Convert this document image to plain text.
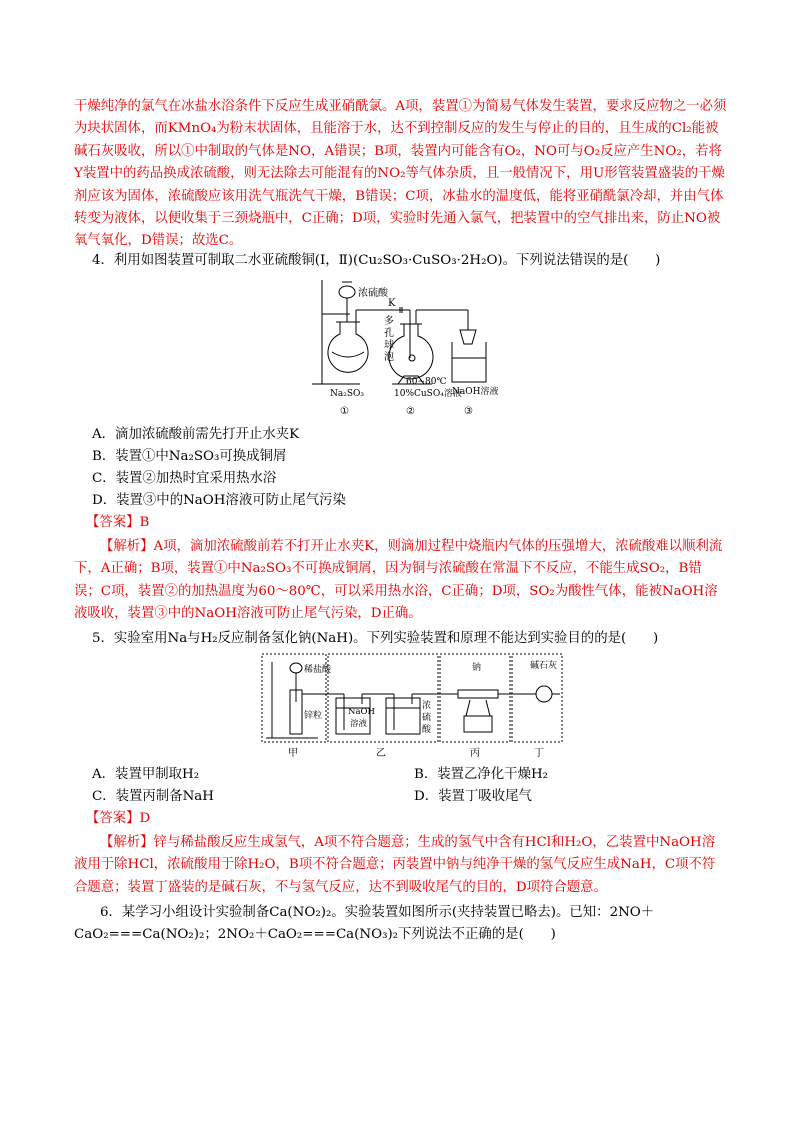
干燥纯净的氯气在冰盐水浴条件下反应生成亚硝酰氯。A项，装置①为简易气体发生装置，要求反应物之一必须为块状固体，而KMnO₄为粉末状固体，且能溶于水，达不到控制反应的发生与停止的目的，且生成的Cl₂能被碱石灰吸收，所以①中制取的气体是NO，A错误；B项，装置内可能含有O₂，NO可与O₂反应产生NO₂，若将Y装置中的药品换成浓硫酸，则无法除去可能混有的NO₂等气体杂质，且一般情况下，用U形管装置盛装的干燥剂应该为固体，浓硫酸应该用洗气瓶洗气干燥，B错误；C项，冰盐水的温度低，能将亚硝酰氯冷却，并由气体转变为液体，以便收集于三颈烧瓶中，C正确；D项，实验时先通入氯气，把装置中的空气排出来，防止NO被氧气氧化，D错误；故选C。

4．利用如图装置可制取二水亚硫酸铜(Ⅰ，Ⅱ)(Cu₂SO₃·CuSO₃·2H₂O)。下列说法错误的是(　　)
浓硫酸
K
多
孔
球
泡
Na₂SO₃
60~80℃
10%CuSO₄溶液
NaOH溶液
①	②	③
A．滴加浓硫酸前需先打开止水夹K
B．装置①中Na₂SO₃可换成铜屑
C．装置②加热时宜采用热水浴
D．装置③中的NaOH溶液可防止尾气污染
【答案】B

【解析】A项，滴加浓硫酸前若不打开止水夹K，则滴加过程中烧瓶内气体的压强增大，浓硫酸难以顺利流下，A正确；B项，装置①中Na₂SO₃不可换成铜屑，因为铜与浓硫酸在常温下不反应，不能生成SO₂，B错误；C项，装置②的加热温度为60～80℃，可以采用热水浴，C正确；D项，SO₂为酸性气体，能被NaOH溶液吸收，装置③中的NaOH溶液可防止尾气污染，D正确。

5．实验室用Na与H₂反应制备氢化钠(NaH)。下列实验装置和原理不能达到实验目的的是(　　)
稀盐酸
锌粒	NaOH
溶液
浓
硫
酸
钠	碱石灰
甲	乙	丙	丁
A．装置甲制取H₂	B．装置乙净化干燥H₂
C．装置丙制备NaH	D．装置丁吸收尾气
【答案】D

【解析】锌与稀盐酸反应生成氢气，A项不符合题意；生成的氢气中含有HCl和H₂O，乙装置中NaOH溶液用于除HCl，浓硫酸用于除H₂O，B项不符合题意；丙装置中钠与纯净干燥的氢气反应生成NaH，C项不符合题意；装置丁盛装的是碱石灰，不与氢气反应，达不到吸收尾气的目的，D项符合题意。

6．某学习小组设计实验制备Ca(NO₂)₂。实验装置如图所示(夹持装置已略去)。已知：2NO＋CaO₂===Ca(NO₂)₂；2NO₂＋CaO₂===Ca(NO₃)₂下列说法不正确的是(　　)
